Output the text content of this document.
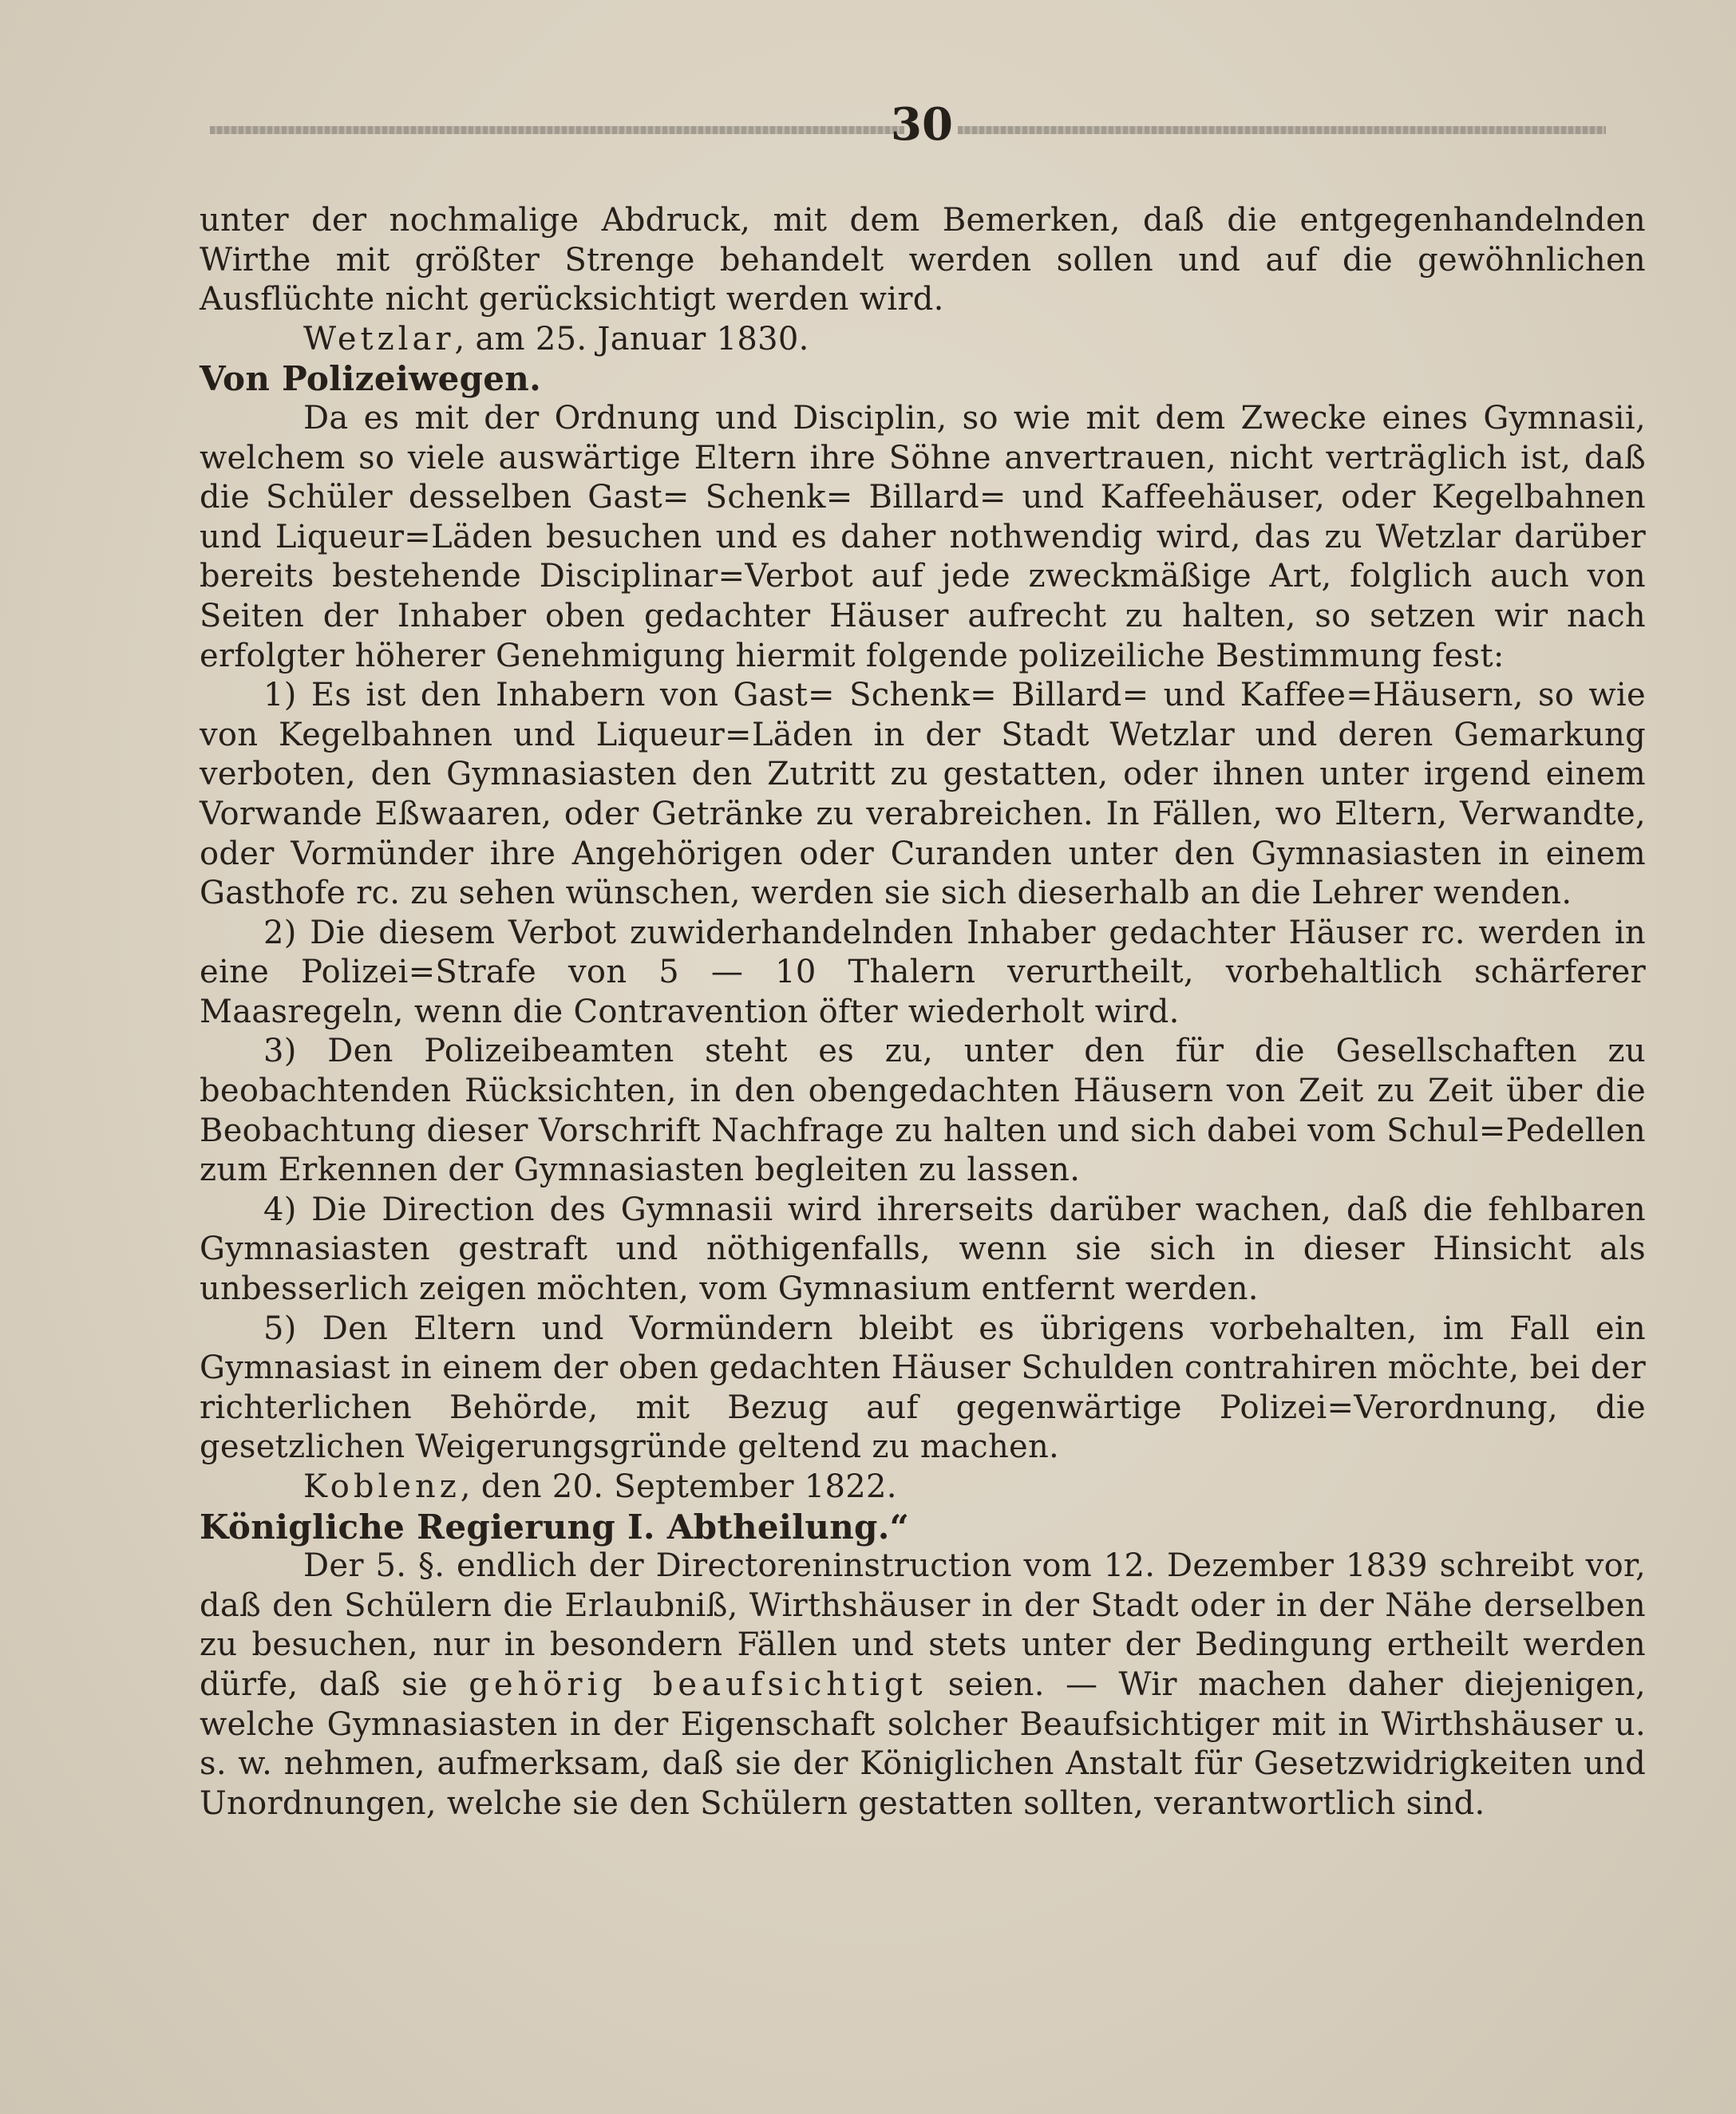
30

unter der nochmalige Abdruck, mit dem Bemerken, daß die entgegenhandelnden Wirthe mit größter Strenge behandelt werden sollen und auf die gewöhnlichen Ausflüchte nicht gerücksichtigt werden wird.

Wetzlar, am 25. Januar 1830.

Von Polizeiwegen.

Da es mit der Ordnung und Disciplin, so wie mit dem Zwecke eines Gymnasii, welchem so viele auswärtige Eltern ihre Söhne anvertrauen, nicht verträglich ist, daß die Schüler desselben Gast= Schenk= Billard= und Kaffeehäuser, oder Kegelbahnen und Liqueur=Läden besuchen und es daher nothwendig wird, das zu Wetzlar darüber bereits bestehende Disciplinar=Verbot auf jede zweckmäßige Art, folglich auch von Seiten der Inhaber oben gedachter Häuser aufrecht zu halten, so setzen wir nach erfolgter höherer Genehmigung hiermit folgende polizeiliche Bestimmung fest:

1) Es ist den Inhabern von Gast= Schenk= Billard= und Kaffee=Häusern, so wie von Kegelbahnen und Liqueur=Läden in der Stadt Wetzlar und deren Gemarkung verboten, den Gymnasiasten den Zutritt zu gestatten, oder ihnen unter irgend einem Vorwande Eßwaaren, oder Getränke zu verabreichen. In Fällen, wo Eltern, Verwandte, oder Vormünder ihre Angehörigen oder Curanden unter den Gymnasiasten in einem Gasthofe rc. zu sehen wünschen, werden sie sich dieserhalb an die Lehrer wenden.

2) Die diesem Verbot zuwiderhandelnden Inhaber gedachter Häuser rc. werden in eine Polizei=Strafe von 5 — 10 Thalern verurtheilt, vorbehaltlich schärferer Maasregeln, wenn die Contravention öfter wiederholt wird.

3) Den Polizeibeamten steht es zu, unter den für die Gesellschaften zu beobachtenden Rücksichten, in den obengedachten Häusern von Zeit zu Zeit über die Beobachtung dieser Vorschrift Nachfrage zu halten und sich dabei vom Schul=Pedellen zum Erkennen der Gymnasiasten begleiten zu lassen.

4) Die Direction des Gymnasii wird ihrerseits darüber wachen, daß die fehlbaren Gymnasiasten gestraft und nöthigenfalls, wenn sie sich in dieser Hinsicht als unbesserlich zeigen möchten, vom Gymnasium entfernt werden.

5) Den Eltern und Vormündern bleibt es übrigens vorbehalten, im Fall ein Gymnasiast in einem der oben gedachten Häuser Schulden contrahiren möchte, bei der richterlichen Behörde, mit Bezug auf gegenwärtige Polizei=Verordnung, die gesetzlichen Weigerungsgründe geltend zu machen.

Koblenz, den 20. September 1822.

Königliche Regierung I. Abtheilung.“

Der 5. §. endlich der Directoreninstruction vom 12. Dezember 1839 schreibt vor, daß den Schülern die Erlaubniß, Wirthshäuser in der Stadt oder in der Nähe derselben zu besuchen, nur in besondern Fällen und stets unter der Bedingung ertheilt werden dürfe, daß sie gehörig beaufsichtigt seien. — Wir machen daher diejenigen, welche Gymnasiasten in der Eigenschaft solcher Beaufsichtiger mit in Wirthshäuser u. s. w. nehmen, aufmerksam, daß sie der Königlichen Anstalt für Gesetzwidrigkeiten und Unordnungen, welche sie den Schülern gestatten sollten, verantwortlich sind.
